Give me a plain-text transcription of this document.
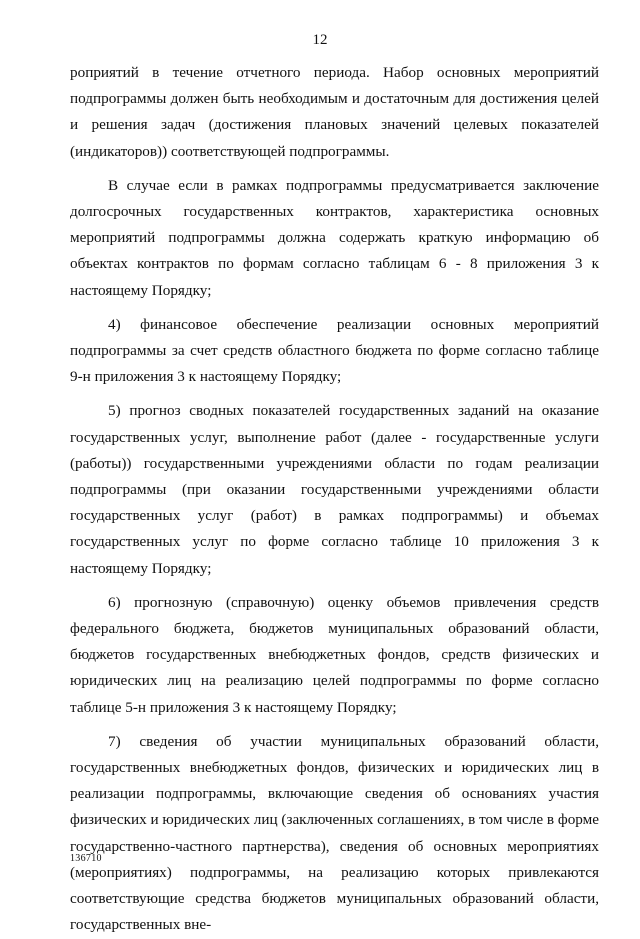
12

роприятий в течение отчетного периода. Набор основных мероприятий подпрограммы должен быть необходимым и достаточным для достижения целей и решения задач (достижения плановых значений целевых показателей (индикаторов)) соответствующей подпрограммы.

В случае если в рамках подпрограммы предусматривается заключение долгосрочных государственных контрактов, характеристика основных мероприятий подпрограммы должна содержать краткую информацию об объектах контрактов по формам согласно таблицам 6 - 8 приложения 3 к настоящему Порядку;

4) финансовое обеспечение реализации основных мероприятий подпрограммы за счет средств областного бюджета по форме согласно таблице 9-н приложения 3 к настоящему Порядку;

5) прогноз сводных показателей государственных заданий на оказание государственных услуг, выполнение работ (далее - государственные услуги (работы)) государственными учреждениями области по годам реализации подпрограммы (при оказании государственными учреждениями области государственных услуг (работ) в рамках подпрограммы) и объемах государственных услуг по форме согласно таблице 10 приложения 3 к настоящему Порядку;

6) прогнозную (справочную) оценку объемов привлечения средств федерального бюджета, бюджетов муниципальных образований области, бюджетов государственных внебюджетных фондов, средств физических и юридических лиц на реализацию целей подпрограммы по форме согласно таблице 5-н приложения 3 к настоящему Порядку;

7) сведения об участии муниципальных образований области, государственных внебюджетных фондов, физических и юридических лиц в реализации подпрограммы, включающие сведения об основаниях участия физических и юридических лиц (заключенных соглашениях, в том числе в форме государственно-частного партнерства), сведения об основных мероприятиях (мероприятиях) подпрограммы, на реализацию которых привлекаются соответствующие средства бюджетов муниципальных образований области, государственных вне-

136710
